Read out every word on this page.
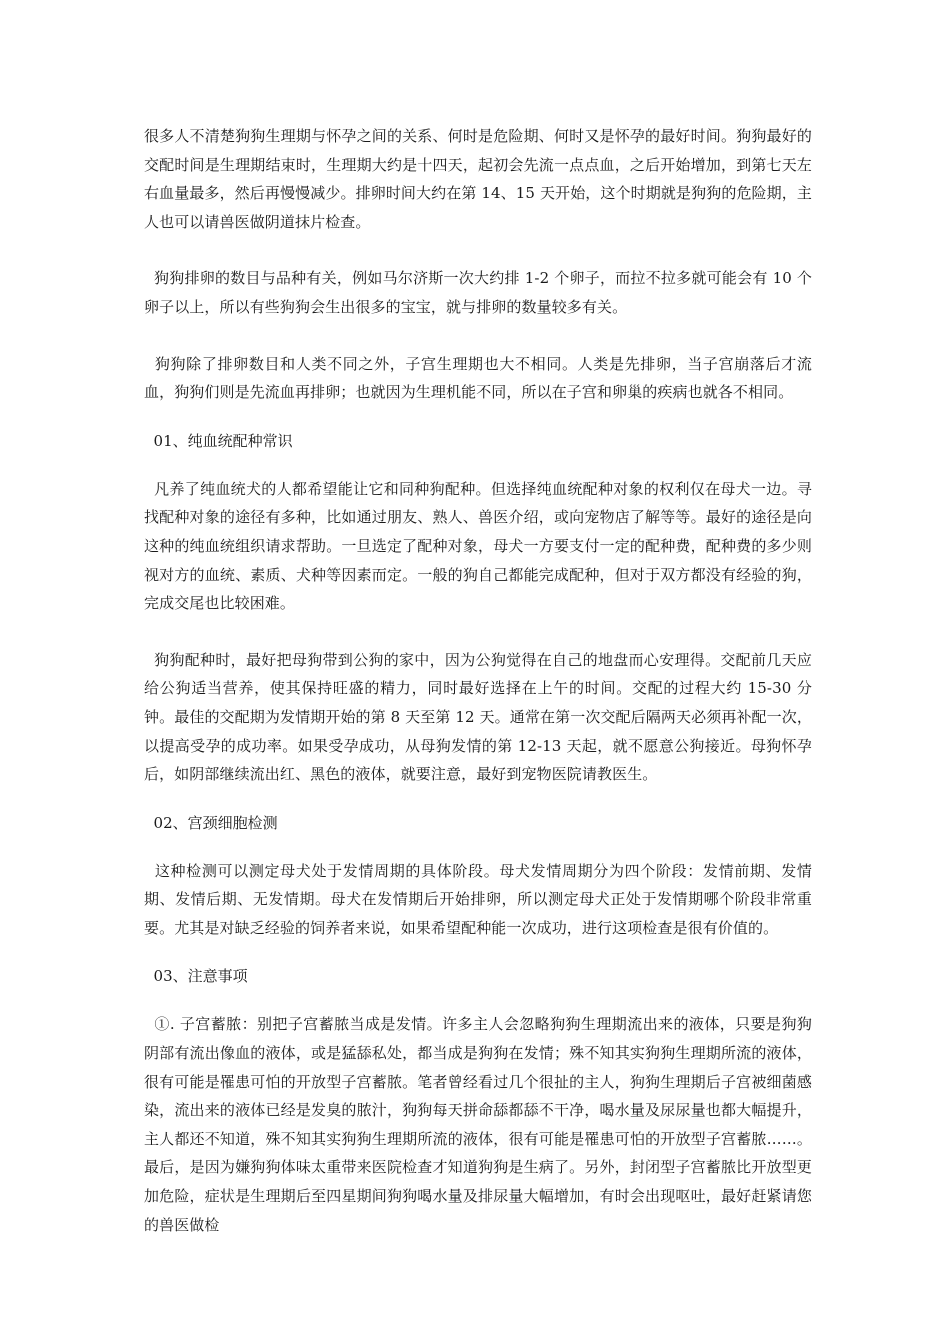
很多人不清楚狗狗生理期与怀孕之间的关系、何时是危险期、何时又是怀孕的最好时间。狗狗最好的交配时间是生理期结束时，生理期大约是十四天，起初会先流一点点血，之后开始增加，到第七天左右血量最多，然后再慢慢减少。排卵时间大约在第 14、15 天开始，这个时期就是狗狗的危险期，主人也可以请兽医做阴道抹片检查。

狗狗排卵的数目与品种有关，例如马尔济斯一次大约排 1-2 个卵子，而拉不拉多就可能会有 10 个卵子以上，所以有些狗狗会生出很多的宝宝，就与排卵的数量较多有关。

狗狗除了排卵数目和人类不同之外，子宫生理期也大不相同。人类是先排卵，当子宫崩落后才流血，狗狗们则是先流血再排卵；也就因为生理机能不同，所以在子宫和卵巢的疾病也就各不相同。

01、纯血统配种常识

凡养了纯血统犬的人都希望能让它和同种狗配种。但选择纯血统配种对象的权利仅在母犬一边。寻找配种对象的途径有多种，比如通过朋友、熟人、兽医介绍，或向宠物店了解等等。最好的途径是向这种的纯血统组织请求帮助。一旦选定了配种对象，母犬一方要支付一定的配种费，配种费的多少则视对方的血统、素质、犬种等因素而定。一般的狗自己都能完成配种，但对于双方都没有经验的狗，完成交尾也比较困难。

狗狗配种时，最好把母狗带到公狗的家中，因为公狗觉得在自己的地盘而心安理得。交配前几天应给公狗适当营养，使其保持旺盛的精力，同时最好选择在上午的时间。交配的过程大约 15-30 分钟。最佳的交配期为发情期开始的第 8 天至第 12 天。通常在第一次交配后隔两天必须再补配一次，以提高受孕的成功率。如果受孕成功，从母狗发情的第 12-13 天起，就不愿意公狗接近。母狗怀孕后，如阴部继续流出红、黑色的液体，就要注意，最好到宠物医院请教医生。

02、宫颈细胞检测

这种检测可以测定母犬处于发情周期的具体阶段。母犬发情周期分为四个阶段：发情前期、发情期、发情后期、无发情期。母犬在发情期后开始排卵，所以测定母犬正处于发情期哪个阶段非常重要。尤其是对缺乏经验的饲养者来说，如果希望配种能一次成功，进行这项检查是很有价值的。

03、注意事项

①. 子宫蓄脓：别把子宫蓄脓当成是发情。许多主人会忽略狗狗生理期流出来的液体，只要是狗狗阴部有流出像血的液体，或是猛舔私处，都当成是狗狗在发情；殊不知其实狗狗生理期所流的液体，很有可能是罹患可怕的开放型子宫蓄脓。笔者曾经看过几个很扯的主人，狗狗生理期后子宫被细菌感染，流出来的液体已经是发臭的脓汁，狗狗每天拼命舔都舔不干净，喝水量及尿尿量也都大幅提升，主人都还不知道，殊不知其实狗狗生理期所流的液体，很有可能是罹患可怕的开放型子宫蓄脓……。最后，是因为嫌狗狗体味太重带来医院检查才知道狗狗是生病了。另外，封闭型子宫蓄脓比开放型更加危险，症状是生理期后至四星期间狗狗喝水量及排尿量大幅增加，有时会出现呕吐，最好赶紧请您的兽医做检
